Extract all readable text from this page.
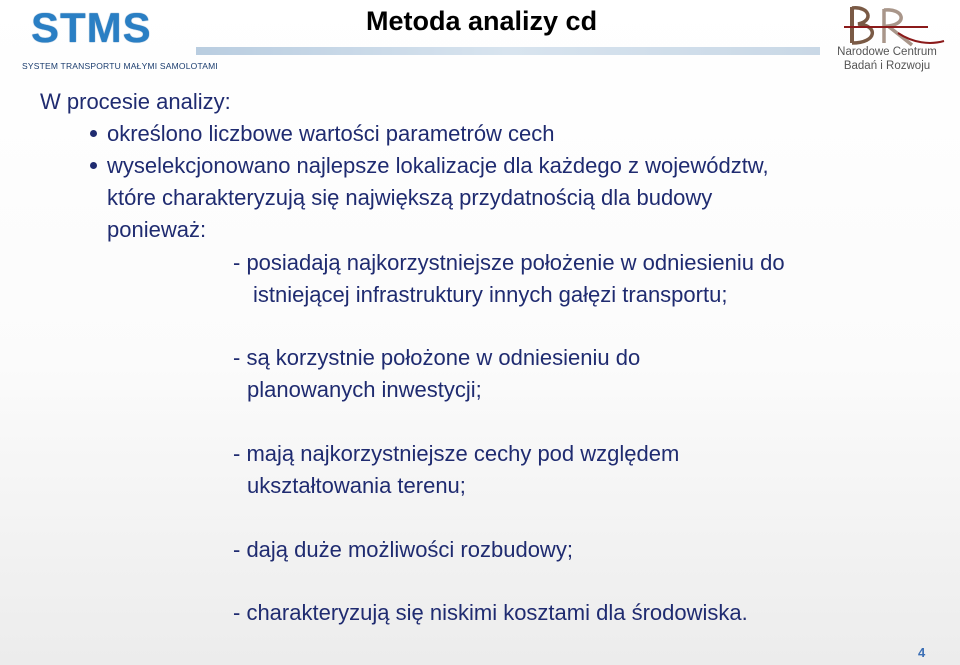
STMS
SYSTEM TRANSPORTU MAŁYMI SAMOLOTAMI
Metoda analizy cd
Narodowe Centrum
Badań i Rozwoju
W procesie analizy:
określono liczbowe wartości parametrów cech
wyselekcjonowano najlepsze lokalizacje dla każdego z województw,
które charakteryzują się największą przydatnością dla budowy
ponieważ:
- posiadają najkorzystniejsze położenie w odniesieniu do
istniejącej infrastruktury innych gałęzi transportu;
- są korzystnie położone w odniesieniu do
planowanych inwestycji;
- mają najkorzystniejsze cechy pod względem
ukształtowania terenu;
- dają duże możliwości rozbudowy;
- charakteryzują się niskimi kosztami dla środowiska.
4
